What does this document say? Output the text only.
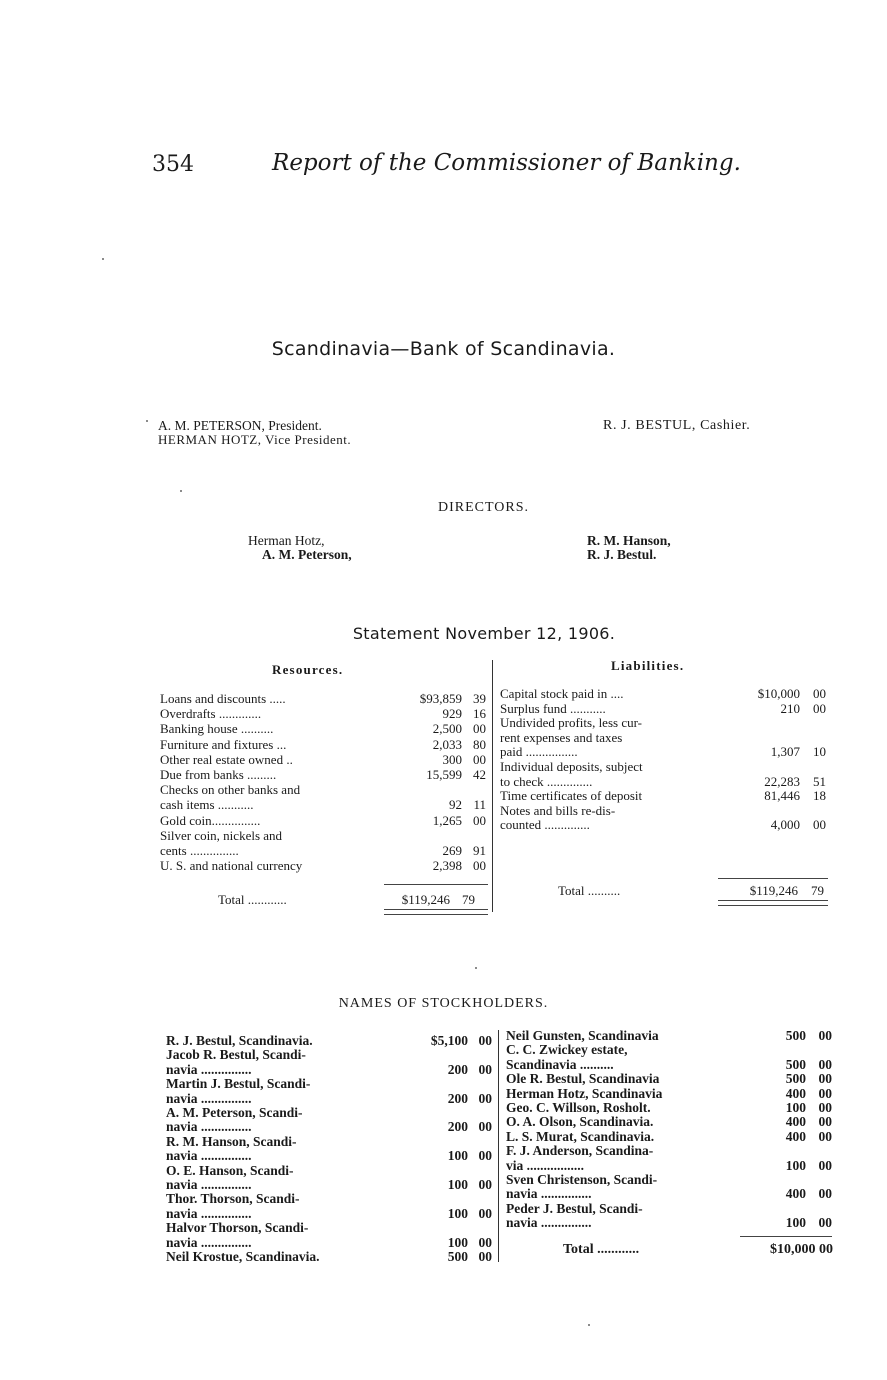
354	Report of the Commissioner of Banking.
Scandinavia—Bank of Scandinavia.
A. M. PETERSON, President.
HERMAN HOTZ, Vice President.
R. J. BESTUL, Cashier.
DIRECTORS.
Herman Hotz,
A. M. Peterson,
R. M. Hanson,
R. J. Bestul.
Statement November 12, 1906.
Resources.	Liabilities.
Loans and discounts .....	$93,859 39
Overdrafts .............	929 16
Banking house ..........	2,500 00
Furniture and fixtures ...	2,033 80
Other real estate owned ..	300 00
Due from banks .........	15,599 42
Checks on other banks and
cash items ...........	92 11
Gold coin...............	1,265 00
Silver coin, nickels and
cents ...............	269 91
U. S. and national currency	2,398 00
Capital stock paid in ....	$10,000	00
Surplus fund ...........	210	00
Undivided profits, less cur-
rent expenses and taxes
paid ................	1,307	10
Individual deposits, subject
to check ..............	22,283	51
Time certificates of deposit	81,446	18
Notes and bills re-dis-
counted ..............	4,000	00
Total ............	$119,246 79
Total ..........	$119,246	79
NAMES OF STOCKHOLDERS.
R. J. Bestul, Scandinavia.	$5,100 00
Jacob R. Bestul, Scandi-
navia ...............	200 00
Martin J. Bestul, Scandi-
navia ...............	200 00
A. M. Peterson, Scandi-
navia ...............	200 00
R. M. Hanson, Scandi-
navia ...............	100 00
O. E. Hanson, Scandi-
navia ...............	100 00
Thor. Thorson, Scandi-
navia ...............	100 00
Halvor Thorson, Scandi-
navia ...............	100 00
Neil Krostue, Scandinavia.	500 00
Neil Gunsten, Scandinavia	500 00
C. C. Zwickey estate,
Scandinavia ..........	500 00
Ole R. Bestul, Scandinavia	500 00
Herman Hotz, Scandinavia	400 00
Geo. C. Willson, Rosholt.	100 00
O. A. Olson, Scandinavia.	400 00
L. S. Murat, Scandinavia.	400 00
F. J. Anderson, Scandina-
via .................	100 00
Sven Christenson, Scandi-
navia ...............	400 00
Peder J. Bestul, Scandi-
navia ...............	100 00
Total ............	$10,000 00
